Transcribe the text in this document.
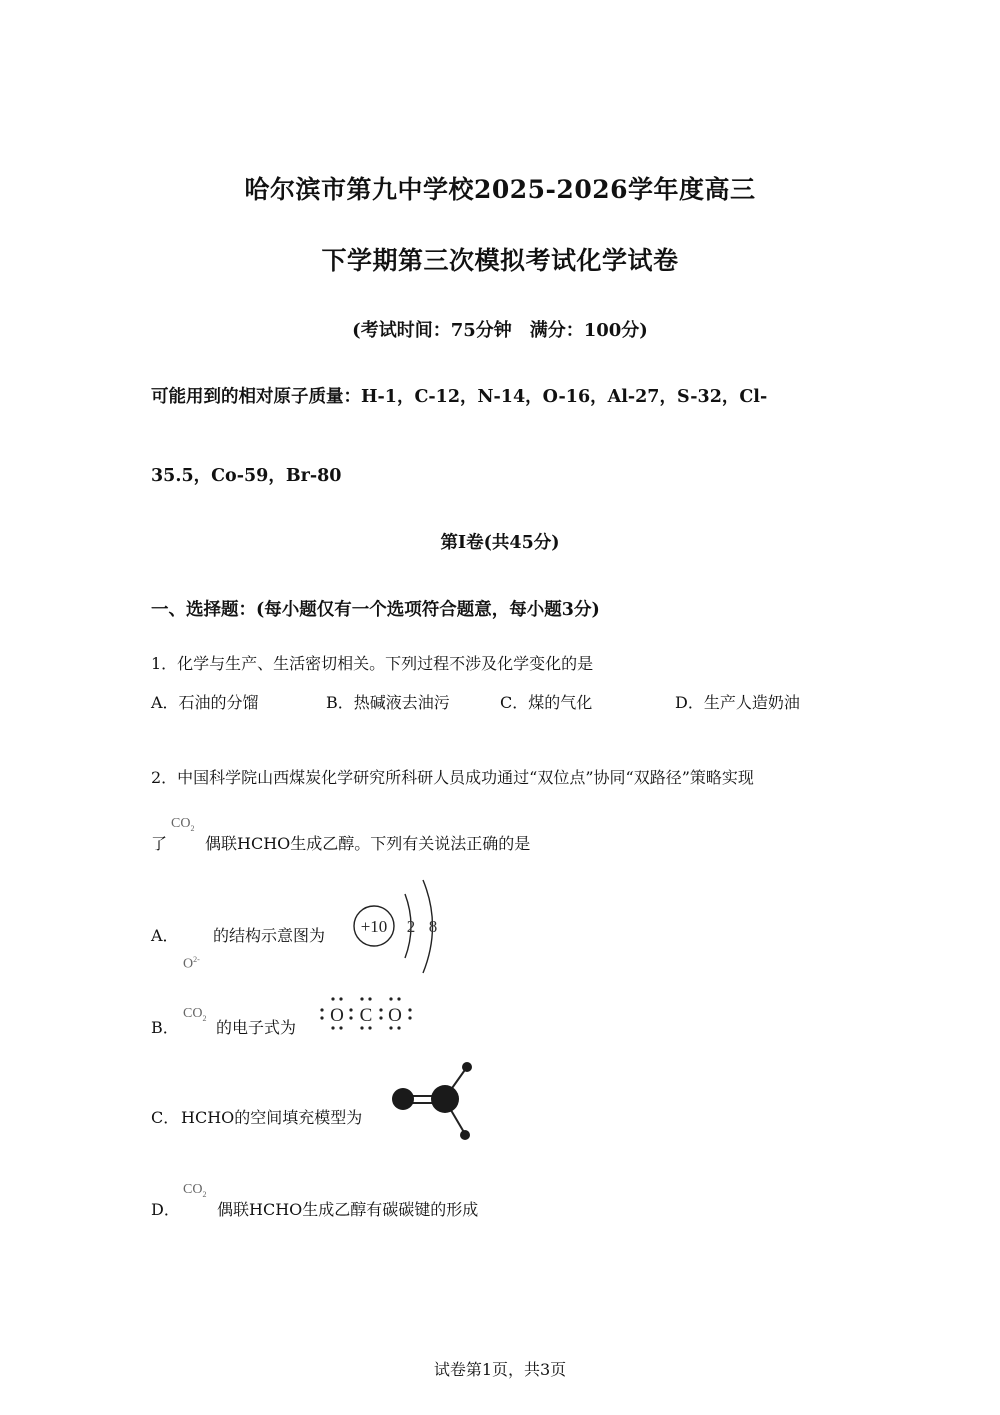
哈尔滨市第九中学校2025-2026学年度高三
下学期第三次模拟考试化学试卷
(考试时间：75分钟　满分：100分)
可能用到的相对原子质量：H-1，C-12，N-14，O-16，Al-27，S-32，Cl-
35.5，Co-59，Br-80
第Ⅰ卷(共45分)
一、选择题：(每小题仅有一个选项符合题意，每小题3分)
1．化学与生产、生活密切相关。下列过程不涉及化学变化的是
A．石油的分馏	B．热碱液去油污	C．煤的气化	D．生产人造奶油
2．中国科学院山西煤炭化学研究所科研人员成功通过“双位点”协同“双路径”策略实现
了
$CO_2$
偶联HCHO生成乙醇。下列有关说法正确的是
A．
$O^{2-}$
的结构示意图为 +10 2 8
B．
$CO_2$ 的电子式为
O C O
C． HCHO的空间填充模型为
D．
$CO_2$
偶联HCHO生成乙醇有碳碳键的形成
试卷第1页，共3页
